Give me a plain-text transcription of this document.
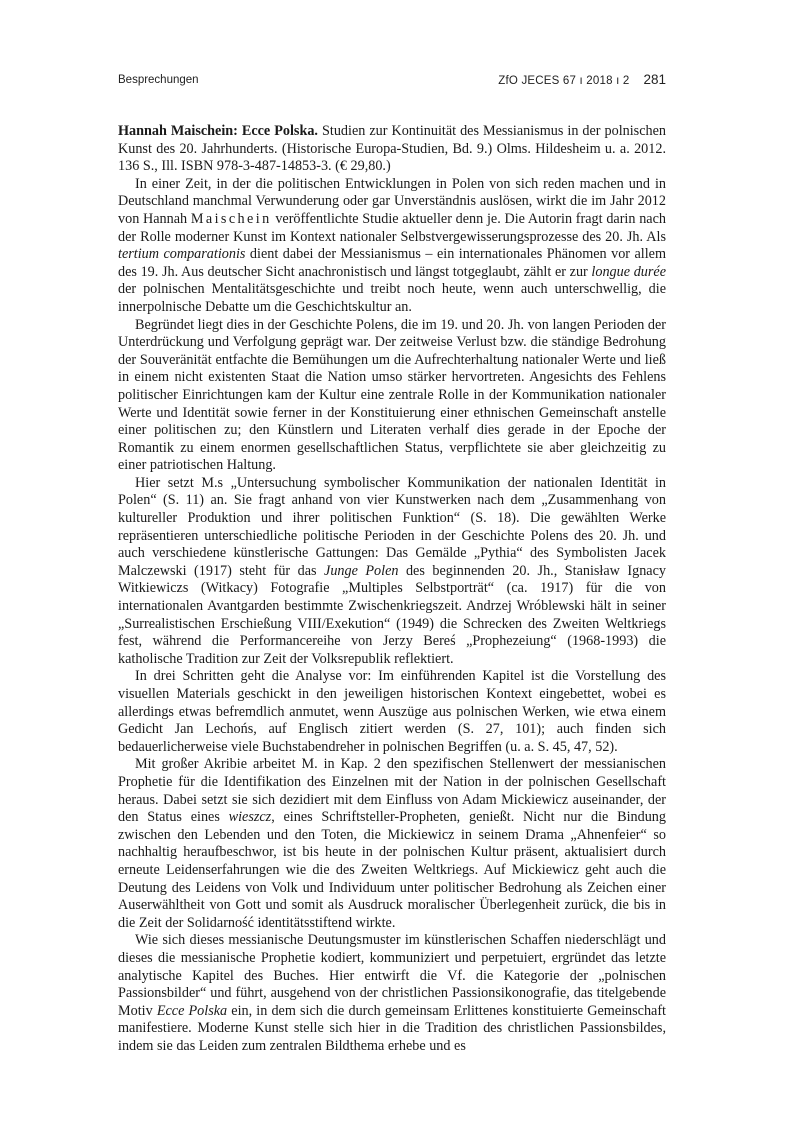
Besprechungen	ZfO JECES 67 ı 2018 ı 2 281

Hannah Maischein: Ecce Polska. Studien zur Kontinuität des Messianismus in der polnischen Kunst des 20. Jahrhunderts. (Historische Europa-Studien, Bd. 9.) Olms. Hildesheim u. a. 2012. 136 S., Ill. ISBN 978-3-487-14853-3. (€ 29,80.)

In einer Zeit, in der die politischen Entwicklungen in Polen von sich reden machen und in Deutschland manchmal Verwunderung oder gar Unverständnis auslösen, wirkt die im Jahr 2012 von Hannah Maischein veröffentlichte Studie aktueller denn je. Die Autorin fragt darin nach der Rolle moderner Kunst im Kontext nationaler Selbstvergewisserungsprozesse des 20. Jh. Als tertium comparationis dient dabei der Messianismus – ein internationales Phänomen vor allem des 19. Jh. Aus deutscher Sicht anachronistisch und längst totgeglaubt, zählt er zur longue durée der polnischen Mentalitätsgeschichte und treibt noch heute, wenn auch unterschwellig, die innerpolnische Debatte um die Geschichtskultur an.

Begründet liegt dies in der Geschichte Polens, die im 19. und 20. Jh. von langen Perioden der Unterdrückung und Verfolgung geprägt war. Der zeitweise Verlust bzw. die ständige Bedrohung der Souveränität entfachte die Bemühungen um die Aufrechterhaltung nationaler Werte und ließ in einem nicht existenten Staat die Nation umso stärker hervortreten. Angesichts des Fehlens politischer Einrichtungen kam der Kultur eine zentrale Rolle in der Kommunikation nationaler Werte und Identität sowie ferner in der Konstituierung einer ethnischen Gemeinschaft anstelle einer politischen zu; den Künstlern und Literaten verhalf dies gerade in der Epoche der Romantik zu einem enormen gesellschaftlichen Status, verpflichtete sie aber gleichzeitig zu einer patriotischen Haltung.

Hier setzt M.s „Untersuchung symbolischer Kommunikation der nationalen Identität in Polen“ (S. 11) an. Sie fragt anhand von vier Kunstwerken nach dem „Zusammenhang von kultureller Produktion und ihrer politischen Funktion“ (S. 18). Die gewählten Werke repräsentieren unterschiedliche politische Perioden in der Geschichte Polens des 20. Jh. und auch verschiedene künstlerische Gattungen: Das Gemälde „Pythia“ des Symbolisten Jacek Malczewski (1917) steht für das Junge Polen des beginnenden 20. Jh., Stanisław Ignacy Witkiewiczs (Witkacy) Fotografie „Multiples Selbstporträt“ (ca. 1917) für die von internationalen Avantgarden bestimmte Zwischenkriegszeit. Andrzej Wróblewski hält in seiner „Surrealistischen Erschießung VIII/Exekution“ (1949) die Schrecken des Zweiten Weltkriegs fest, während die Performancereihe von Jerzy Bereś „Prophezeiung“ (1968-1993) die katholische Tradition zur Zeit der Volksrepublik reflektiert.

In drei Schritten geht die Analyse vor: Im einführenden Kapitel ist die Vorstellung des visuellen Materials geschickt in den jeweiligen historischen Kontext eingebettet, wobei es allerdings etwas befremdlich anmutet, wenn Auszüge aus polnischen Werken, wie etwa einem Gedicht Jan Lechońs, auf Englisch zitiert werden (S. 27, 101); auch finden sich bedauerlicherweise viele Buchstabendreher in polnischen Begriffen (u. a. S. 45, 47, 52).

Mit großer Akribie arbeitet M. in Kap. 2 den spezifischen Stellenwert der messianischen Prophetie für die Identifikation des Einzelnen mit der Nation in der polnischen Gesellschaft heraus. Dabei setzt sie sich dezidiert mit dem Einfluss von Adam Mickiewicz auseinander, der den Status eines wieszcz, eines Schriftsteller-Propheten, genießt. Nicht nur die Bindung zwischen den Lebenden und den Toten, die Mickiewicz in seinem Drama „Ahnenfeier“ so nachhaltig heraufbeschwor, ist bis heute in der polnischen Kultur präsent, aktualisiert durch erneute Leidenserfahrungen wie die des Zweiten Weltkriegs. Auf Mickiewicz geht auch die Deutung des Leidens von Volk und Individuum unter politischer Bedrohung als Zeichen einer Auserwähltheit von Gott und somit als Ausdruck moralischer Überlegenheit zurück, die bis in die Zeit der Solidarność identitätsstiftend wirkte.

Wie sich dieses messianische Deutungsmuster im künstlerischen Schaffen niederschlägt und dieses die messianische Prophetie kodiert, kommuniziert und perpetuiert, ergründet das letzte analytische Kapitel des Buches. Hier entwirft die Vf. die Kategorie der „polnischen Passionsbilder“ und führt, ausgehend von der christlichen Passionsikonografie, das titelgebende Motiv Ecce Polska ein, in dem sich die durch gemeinsam Erlittenes konstituierte Gemeinschaft manifestiere. Moderne Kunst stelle sich hier in die Tradition des christlichen Passionsbildes, indem sie das Leiden zum zentralen Bildthema erhebe und es
